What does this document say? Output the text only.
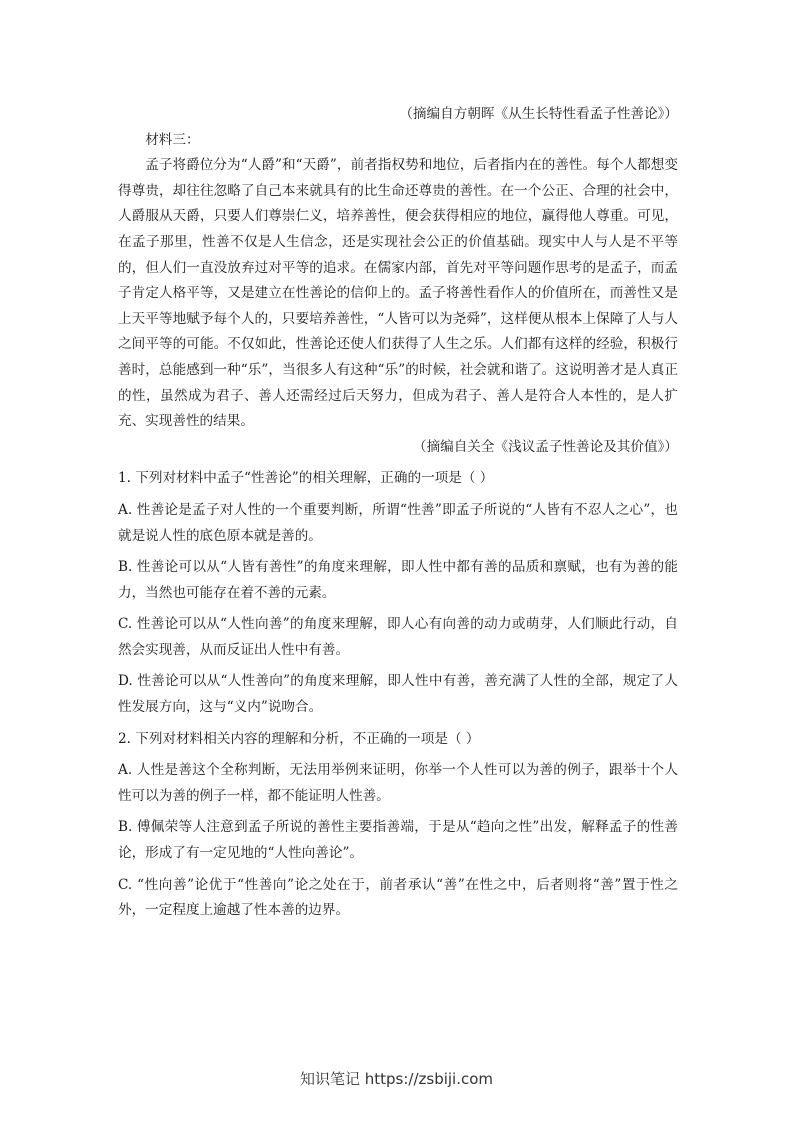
（摘编自方朝晖《从生长特性看孟子性善论》）
材料三：
孟子将爵位分为“人爵”和“天爵”，前者指权势和地位，后者指内在的善性。每个人都想变得尊贵，却往往忽略了自己本来就具有的比生命还尊贵的善性。在一个公正、合理的社会中，人爵服从天爵，只要人们尊崇仁义，培养善性，便会获得相应的地位，赢得他人尊重。可见，在孟子那里，性善不仅是人生信念，还是实现社会公正的价值基础。现实中人与人是不平等的，但人们一直没放弃过对平等的追求。在儒家内部，首先对平等问题作思考的是孟子，而孟子肯定人格平等，又是建立在性善论的信仰上的。孟子将善性看作人的价值所在，而善性又是上天平等地赋予每个人的，只要培养善性，“人皆可以为尧舜”，这样便从根本上保障了人与人之间平等的可能。不仅如此，性善论还使人们获得了人生之乐。人们都有这样的经验，积极行善时，总能感到一种“乐”，当很多人有这种“乐”的时候，社会就和谐了。这说明善才是人真正的性，虽然成为君子、善人还需经过后天努力，但成为君子、善人是符合人本性的，是人扩充、实现善性的结果。
（摘编自关全《浅议孟子性善论及其价值》）
1. 下列对材料中孟子“性善论”的相关理解，正确的一项是（ ）
A. 性善论是孟子对人性的一个重要判断，所谓“性善”即孟子所说的“人皆有不忍人之心”，也就是说人性的底色原本就是善的。
B. 性善论可以从“人皆有善性”的角度来理解，即人性中都有善的品质和禀赋，也有为善的能力，当然也可能存在着不善的元素。
C. 性善论可以从“人性向善”的角度来理解，即人心有向善的动力或萌芽，人们顺此行动，自然会实现善，从而反证出人性中有善。
D. 性善论可以从“人性善向”的角度来理解，即人性中有善，善充满了人性的全部，规定了人性发展方向，这与“义内”说吻合。
2. 下列对材料相关内容的理解和分析，不正确的一项是（ ）
A. 人性是善这个全称判断，无法用举例来证明，你举一个人性可以为善的例子，跟举十个人性可以为善的例子一样，都不能证明人性善。
B. 傅佩荣等人注意到孟子所说的善性主要指善端，于是从“趋向之性”出发，解释孟子的性善论，形成了有一定见地的“人性向善论”。
C. “性向善”论优于“性善向”论之处在于，前者承认“善”在性之中，后者则将“善”置于性之外，一定程度上逾越了性本善的边界。
知识笔记 https://zsbiji.com
